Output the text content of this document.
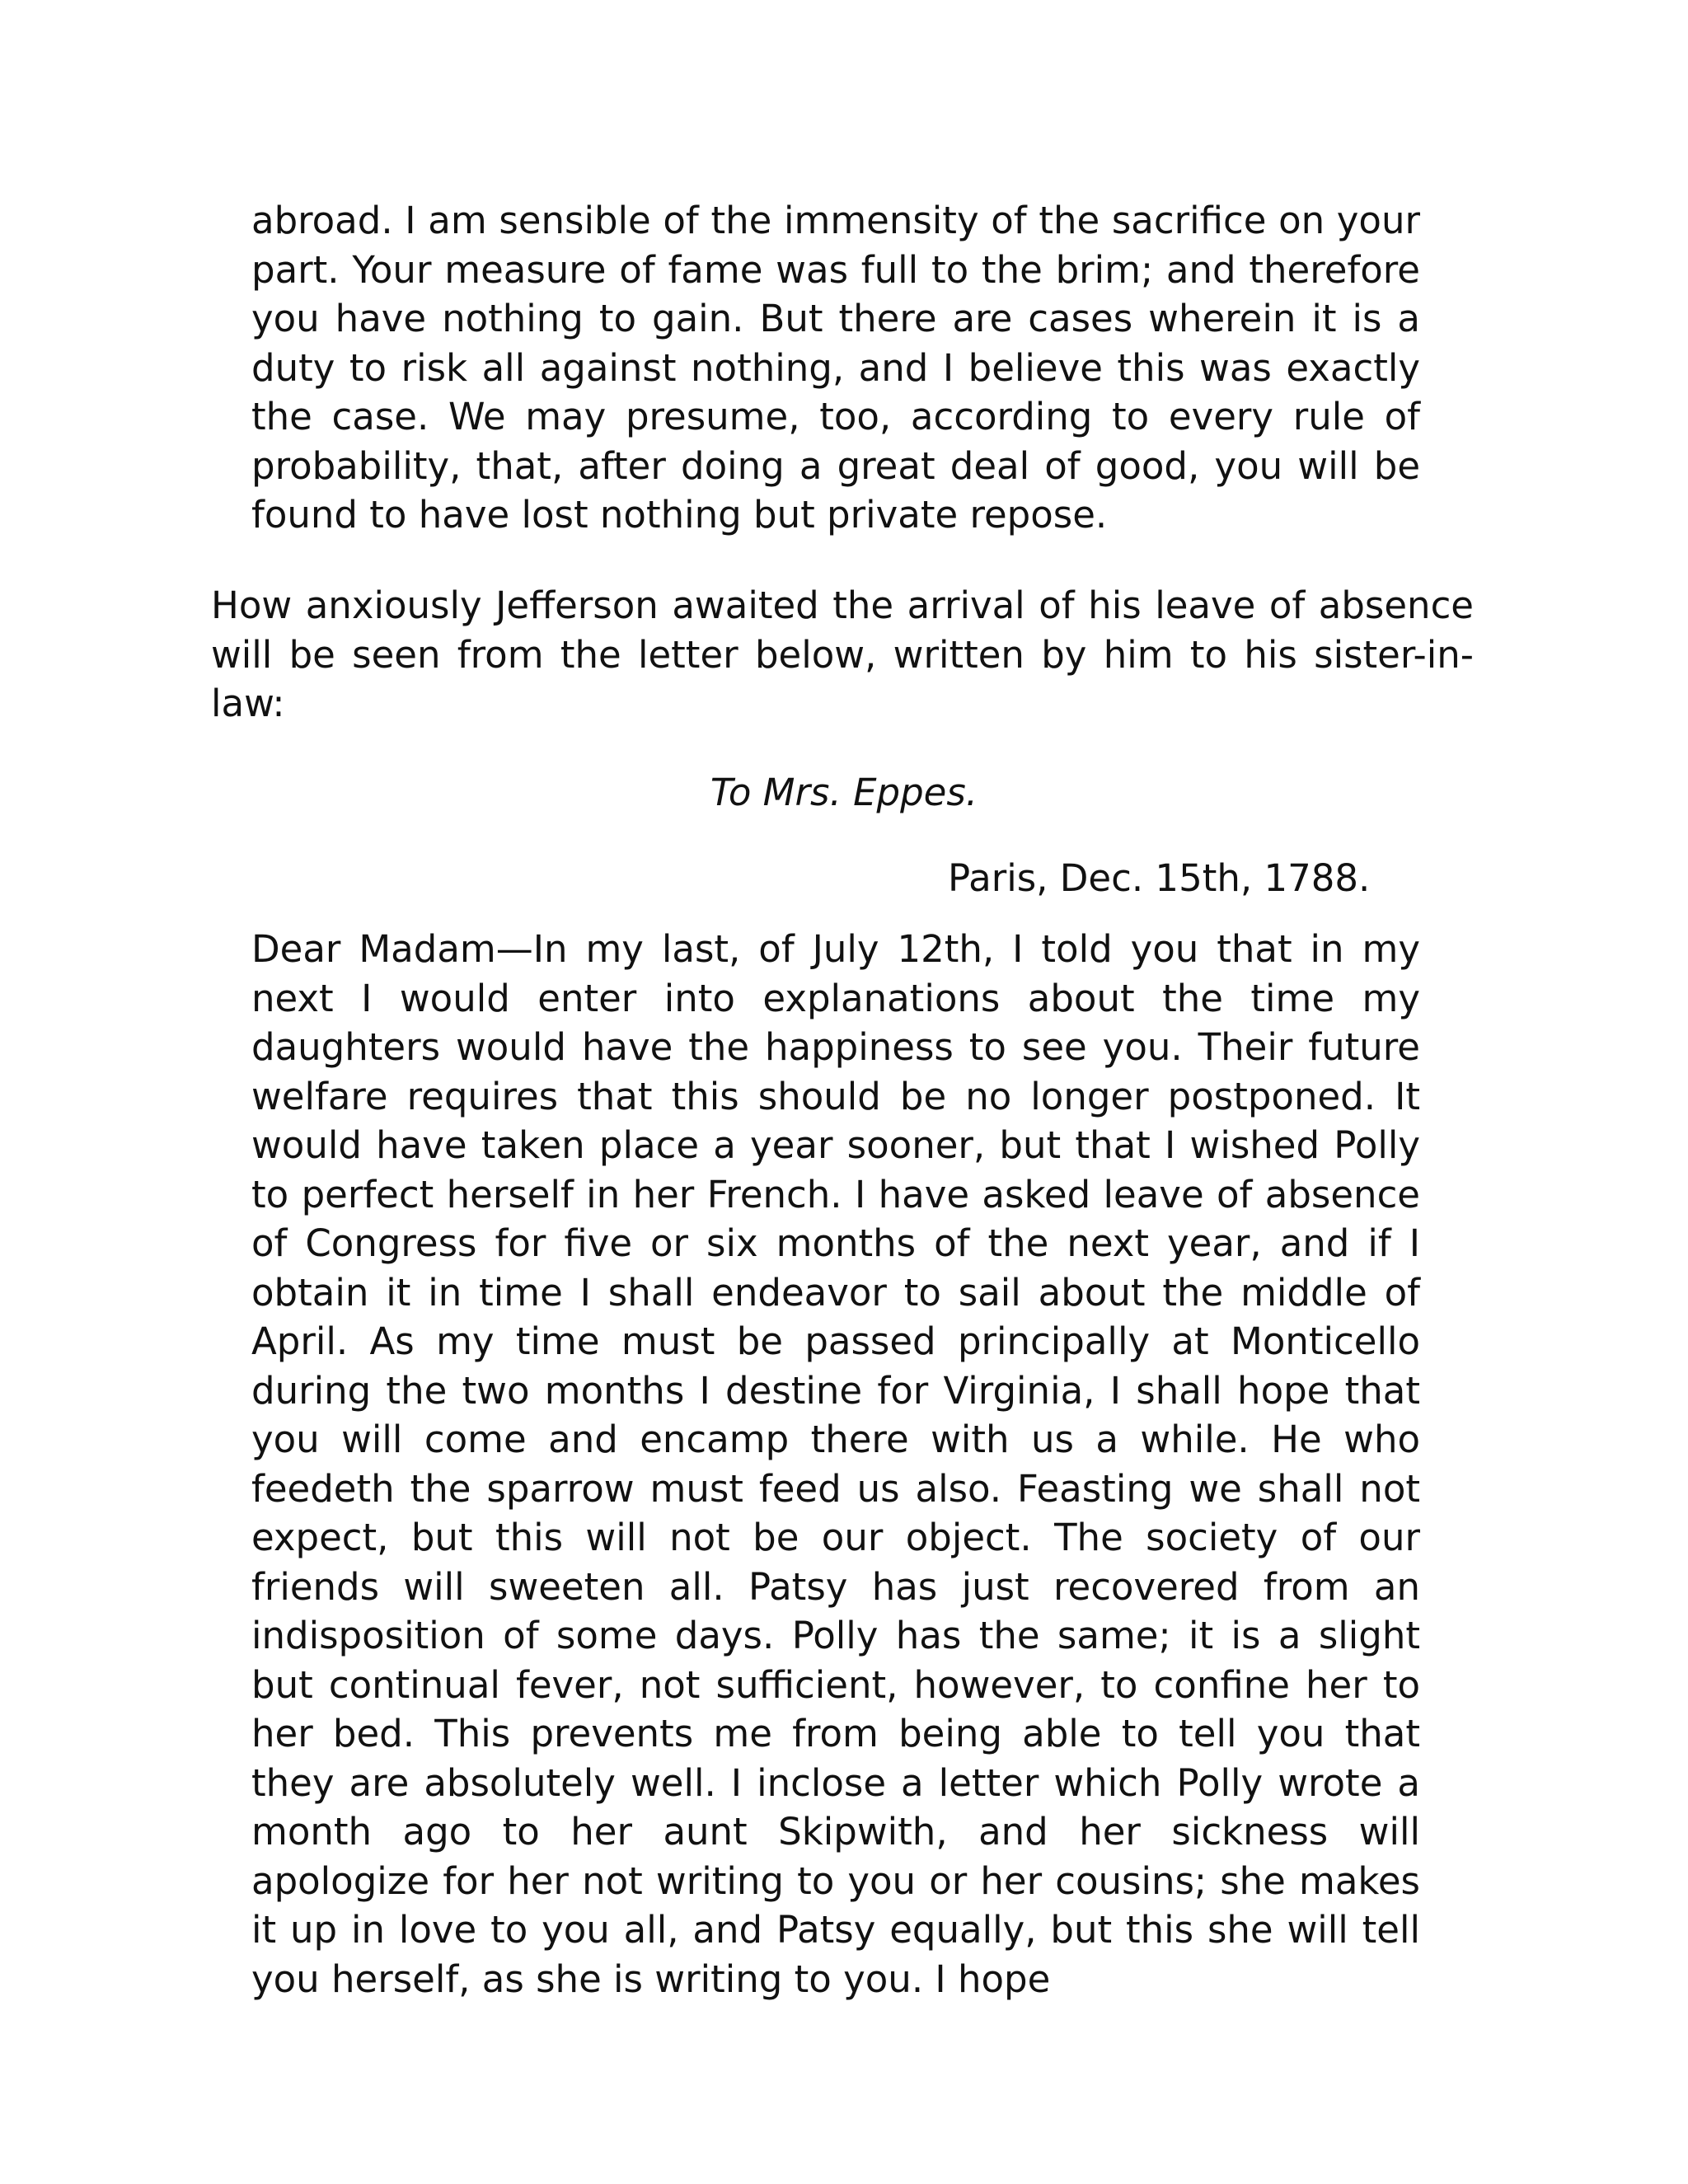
abroad. I am sensible of the immensity of the sacrifice on your part. Your measure of fame was full to the brim; and therefore you have nothing to gain. But there are cases wherein it is a duty to risk all against nothing, and I believe this was exactly the case. We may presume, too, according to every rule of probability, that, after doing a great deal of good, you will be found to have lost nothing but private repose.

How anxiously Jefferson awaited the arrival of his leave of absence will be seen from the letter below, written by him to his sister-in-law:

To Mrs. Eppes.

Paris, Dec. 15th, 1788.

Dear Madam—In my last, of July 12th, I told you that in my next I would enter into explanations about the time my daughters would have the happiness to see you. Their future welfare requires that this should be no longer postponed. It would have taken place a year sooner, but that I wished Polly to perfect herself in her French. I have asked leave of absence of Congress for five or six months of the next year, and if I obtain it in time I shall endeavor to sail about the middle of April. As my time must be passed principally at Monticello during the two months I destine for Virginia, I shall hope that you will come and encamp there with us a while. He who feedeth the sparrow must feed us also. Feasting we shall not expect, but this will not be our object. The society of our friends will sweeten all. Patsy has just recovered from an indisposition of some days. Polly has the same; it is a slight but continual fever, not sufficient, however, to confine her to her bed. This prevents me from being able to tell you that they are absolutely well. I inclose a letter which Polly wrote a month ago to her aunt Skipwith, and her sickness will apologize for her not writing to you or her cousins; she makes it up in love to you all, and Patsy equally, but this she will tell you herself, as she is writing to you. I hope
